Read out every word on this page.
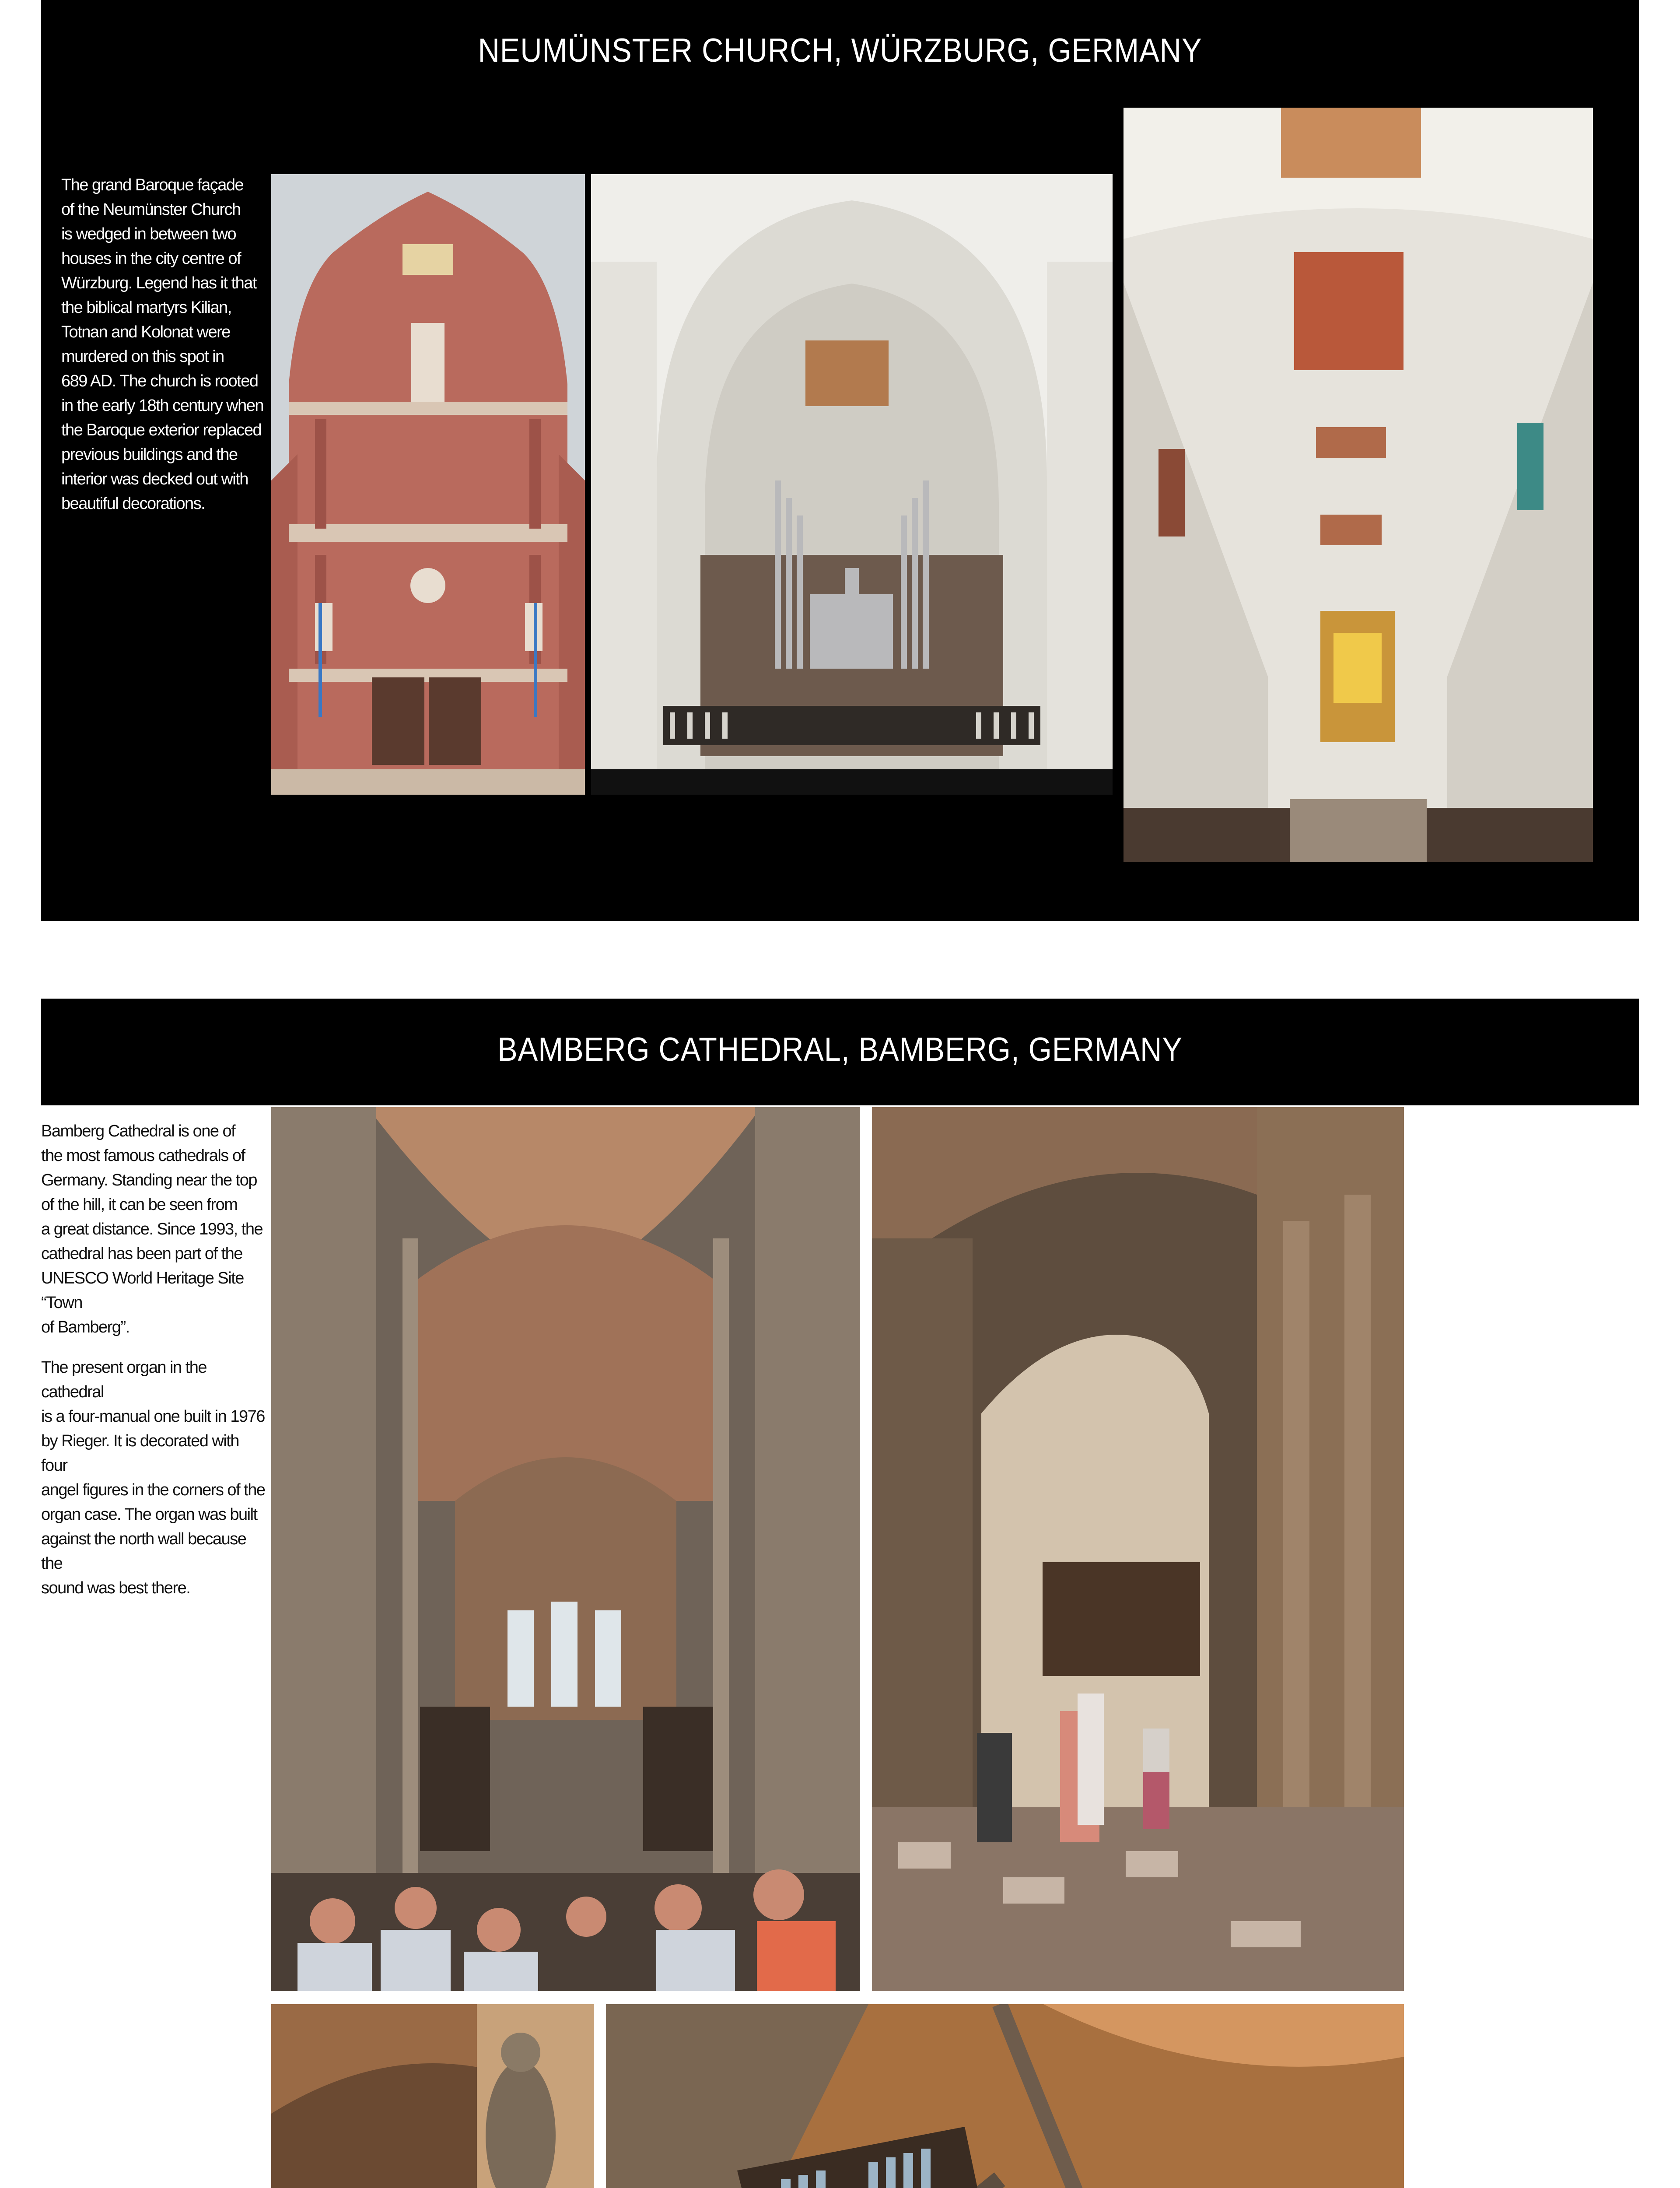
NEUMÜNSTER CHURCH, WÜRZBURG, GERMANY
The grand Baroque façade
of the Neumünster Church
is wedged in between two
houses in the city centre of
Würzburg. Legend has it that
the biblical martyrs Kilian,
Totnan and Kolonat were
murdered on this spot in
689 AD. The church is rooted
in the early 18th century when
the Baroque exterior replaced
previous buildings and the
interior was decked out with
beautiful decorations.
BAMBERG CATHEDRAL, BAMBERG, GERMANY
Bamberg Cathedral is one of
the most famous cathedrals of
Germany. Standing near the top
of the hill, it can be seen from
a great distance. Since 1993, the
cathedral has been part of the
UNESCO World Heritage Site “Town
of Bamberg”.
The present organ in the cathedral
is a four-manual one built in 1976
by Rieger. It is decorated with four
angel figures in the corners of the
organ case. The organ was built
against the north wall because the
sound was best there.
